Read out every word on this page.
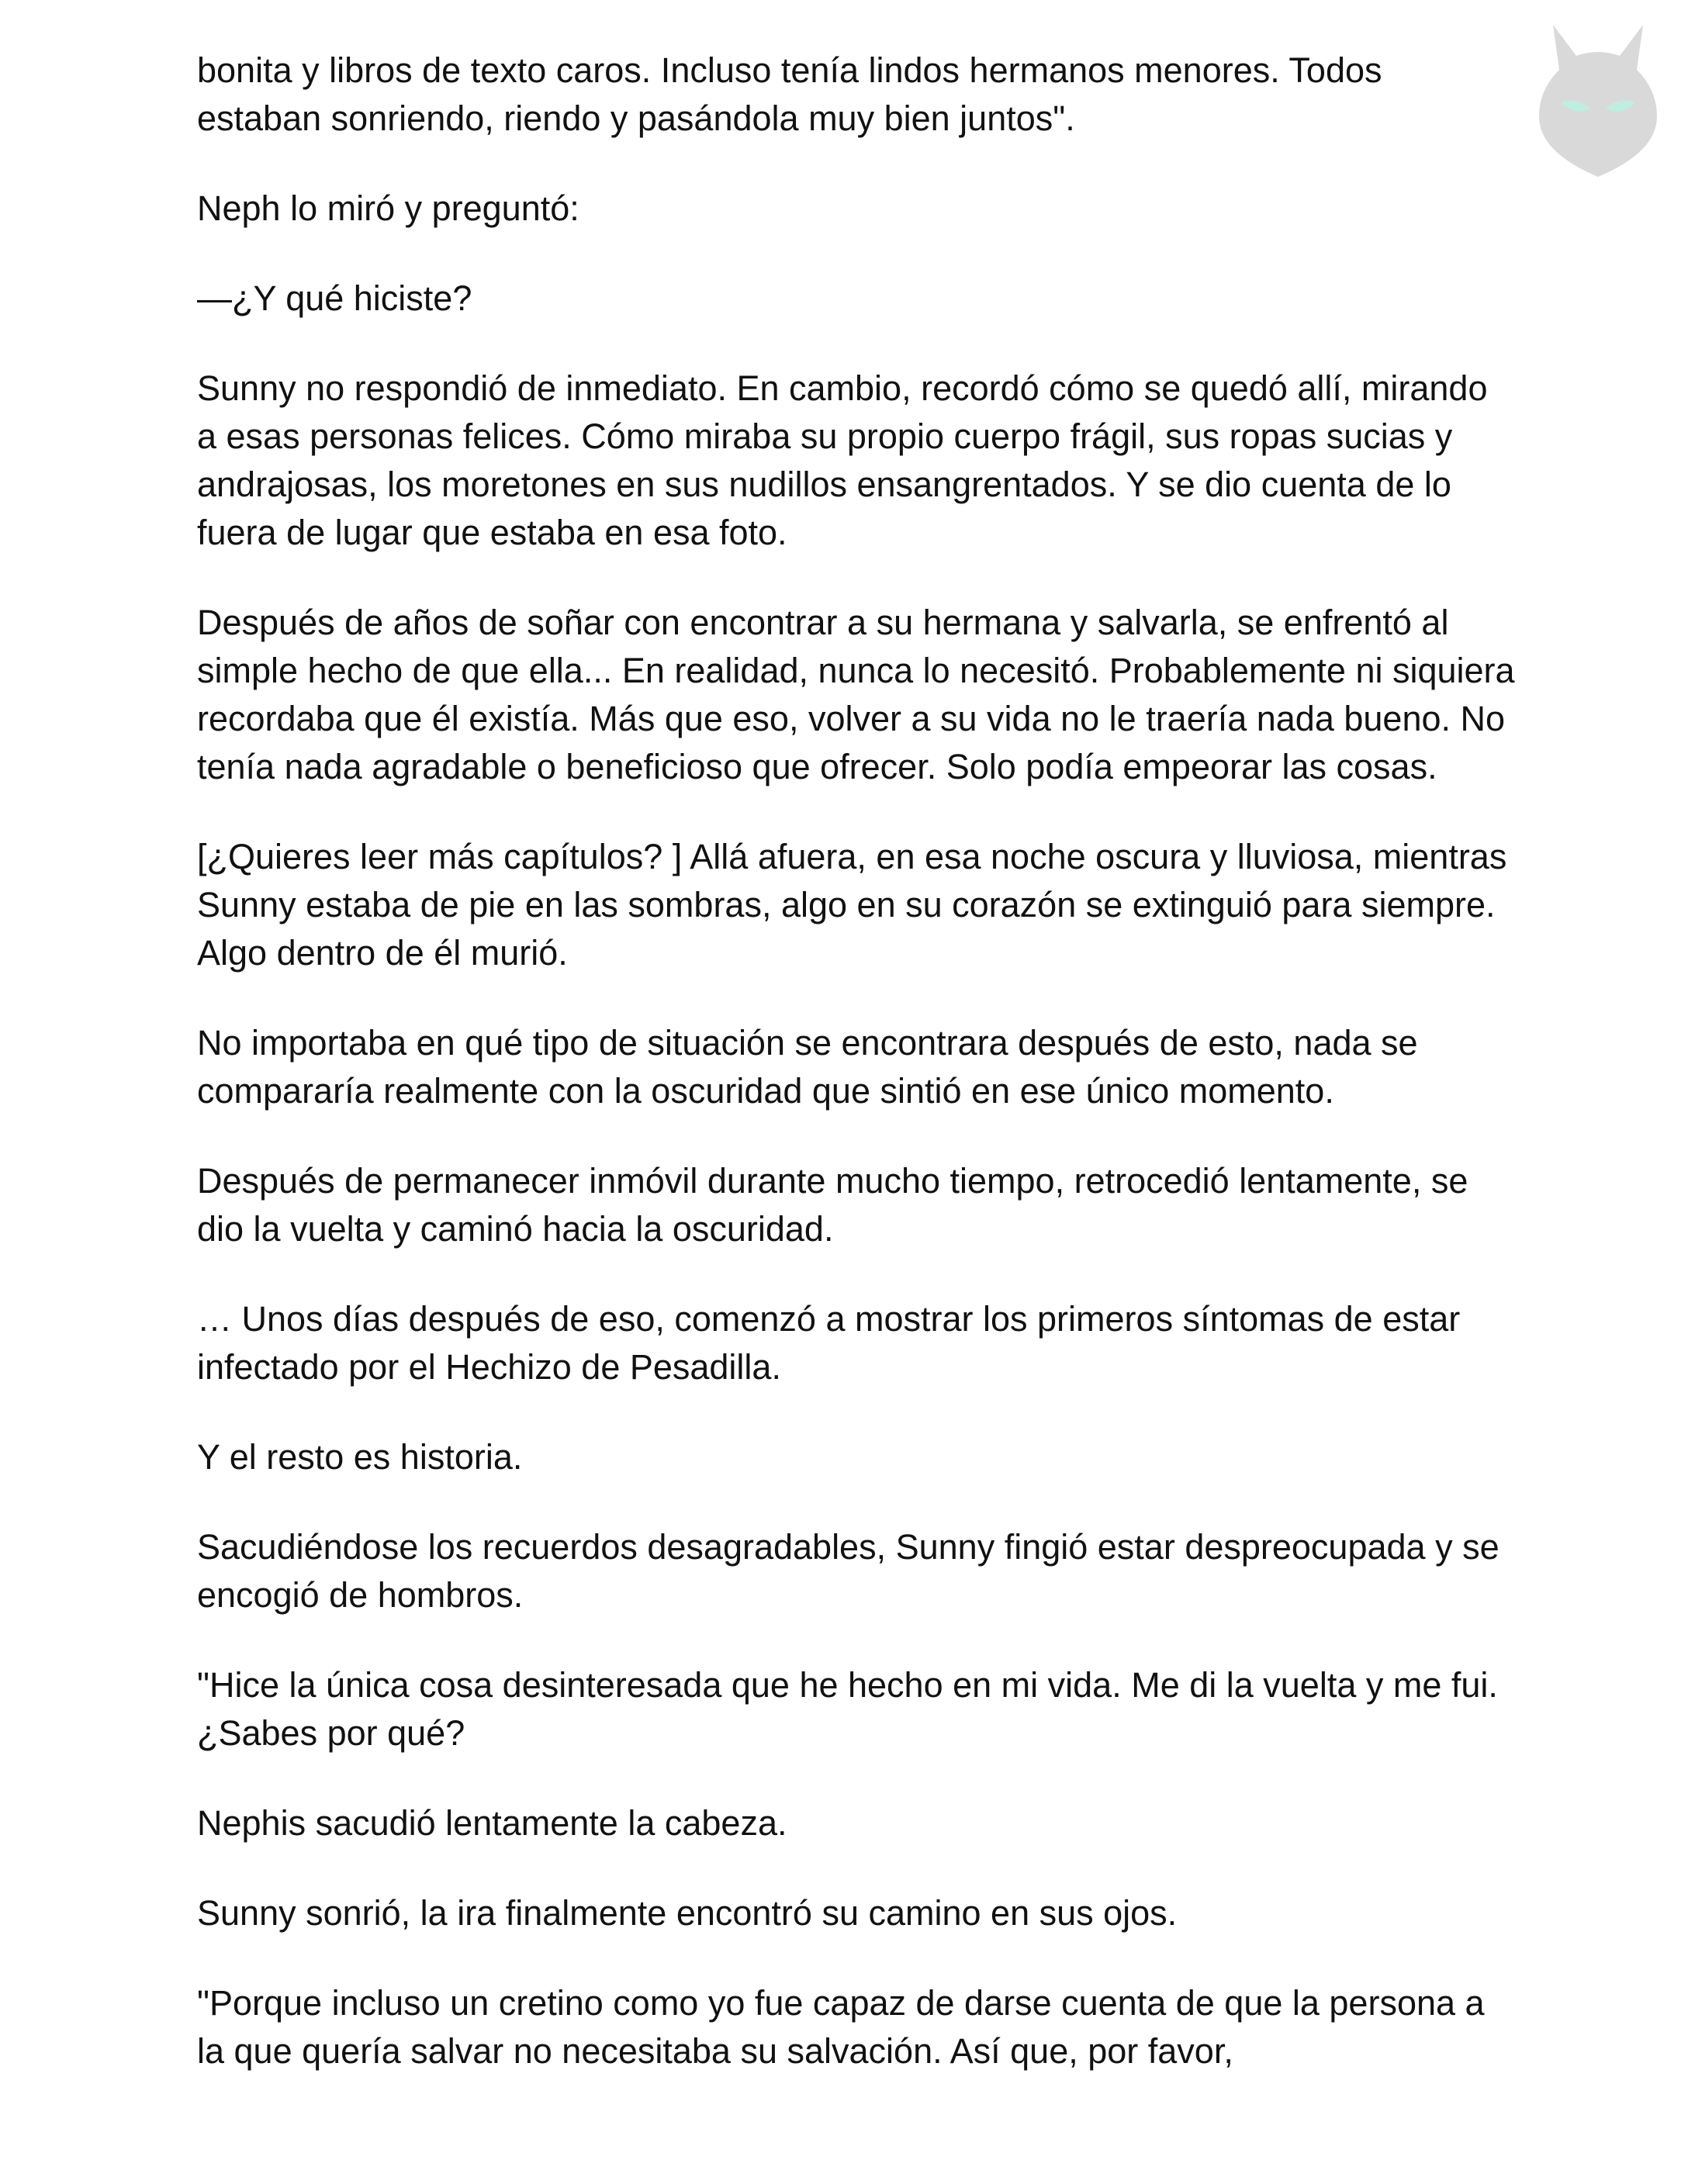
bonita y libros de texto caros. Incluso tenía lindos hermanos menores. Todos estaban sonriendo, riendo y pasándola muy bien juntos".

Neph lo miró y preguntó:

—¿Y qué hiciste?

Sunny no respondió de inmediato. En cambio, recordó cómo se quedó allí, mirando a esas personas felices. Cómo miraba su propio cuerpo frágil, sus ropas sucias y andrajosas, los moretones en sus nudillos ensangrentados. Y se dio cuenta de lo fuera de lugar que estaba en esa foto.

Después de años de soñar con encontrar a su hermana y salvarla, se enfrentó al simple hecho de que ella... En realidad, nunca lo necesitó. Probablemente ni siquiera recordaba que él existía. Más que eso, volver a su vida no le traería nada bueno. No tenía nada agradable o beneficioso que ofrecer. Solo podía empeorar las cosas.

[¿Quieres leer más capítulos? ] Allá afuera, en esa noche oscura y lluviosa, mientras Sunny estaba de pie en las sombras, algo en su corazón se extinguió para siempre. Algo dentro de él murió.

No importaba en qué tipo de situación se encontrara después de esto, nada se compararía realmente con la oscuridad que sintió en ese único momento.

Después de permanecer inmóvil durante mucho tiempo, retrocedió lentamente, se dio la vuelta y caminó hacia la oscuridad.

… Unos días después de eso, comenzó a mostrar los primeros síntomas de estar infectado por el Hechizo de Pesadilla.

Y el resto es historia.

Sacudiéndose los recuerdos desagradables, Sunny fingió estar despreocupada y se encogió de hombros.

"Hice la única cosa desinteresada que he hecho en mi vida. Me di la vuelta y me fui. ¿Sabes por qué?

Nephis sacudió lentamente la cabeza.

Sunny sonrió, la ira finalmente encontró su camino en sus ojos.

"Porque incluso un cretino como yo fue capaz de darse cuenta de que la persona a la que quería salvar no necesitaba su salvación. Así que, por favor,
